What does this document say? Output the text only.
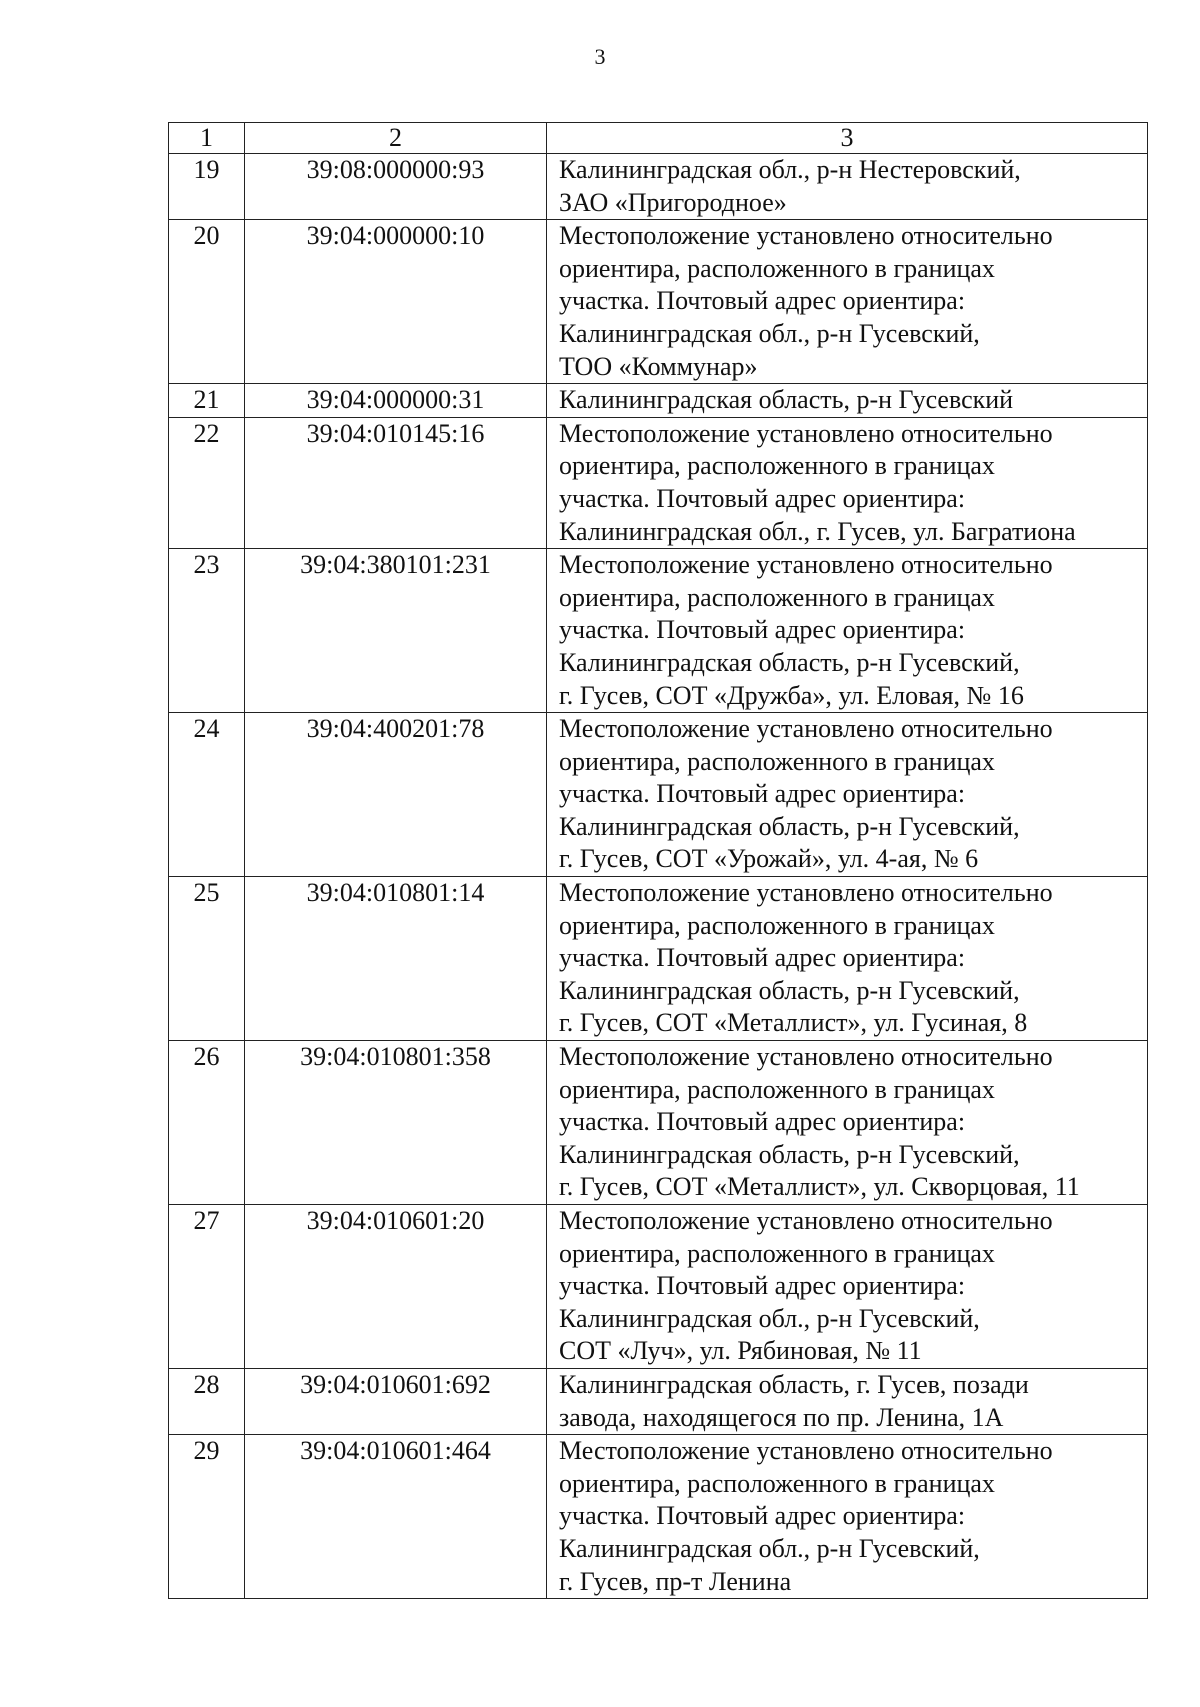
3
1	2	3
19	39:08:000000:93	Калининградская обл., р-н Нестеровский,
ЗАО «Пригородное»
20	39:04:000000:10	Местоположение установлено относительно
ориентира, расположенного в границах
участка. Почтовый адрес ориентира:
Калининградская обл., р-н Гусевский,
ТОО «Коммунар»
21	39:04:000000:31	Калининградская область, р-н Гусевский
22	39:04:010145:16	Местоположение установлено относительно
ориентира, расположенного в границах
участка. Почтовый адрес ориентира:
Калининградская обл., г. Гусев, ул. Багратиона
23	39:04:380101:231	Местоположение установлено относительно
ориентира, расположенного в границах
участка. Почтовый адрес ориентира:
Калининградская область, р-н Гусевский,
г. Гусев, СОТ «Дружба», ул. Еловая, № 16
24	39:04:400201:78	Местоположение установлено относительно
ориентира, расположенного в границах
участка. Почтовый адрес ориентира:
Калининградская область, р-н Гусевский,
г. Гусев, СОТ «Урожай», ул. 4-ая, № 6
25	39:04:010801:14	Местоположение установлено относительно
ориентира, расположенного в границах
участка. Почтовый адрес ориентира:
Калининградская область, р-н Гусевский,
г. Гусев, СОТ «Металлист», ул. Гусиная, 8
26	39:04:010801:358	Местоположение установлено относительно
ориентира, расположенного в границах
участка. Почтовый адрес ориентира:
Калининградская область, р-н Гусевский,
г. Гусев, СОТ «Металлист», ул. Скворцовая, 11
27	39:04:010601:20	Местоположение установлено относительно
ориентира, расположенного в границах
участка. Почтовый адрес ориентира:
Калининградская обл., р-н Гусевский,
СОТ «Луч», ул. Рябиновая, № 11
28	39:04:010601:692	Калининградская область, г. Гусев, позади
завода, находящегося по пр. Ленина, 1А
29	39:04:010601:464	Местоположение установлено относительно
ориентира, расположенного в границах
участка. Почтовый адрес ориентира:
Калининградская обл., р-н Гусевский,
г. Гусев, пр-т Ленина
